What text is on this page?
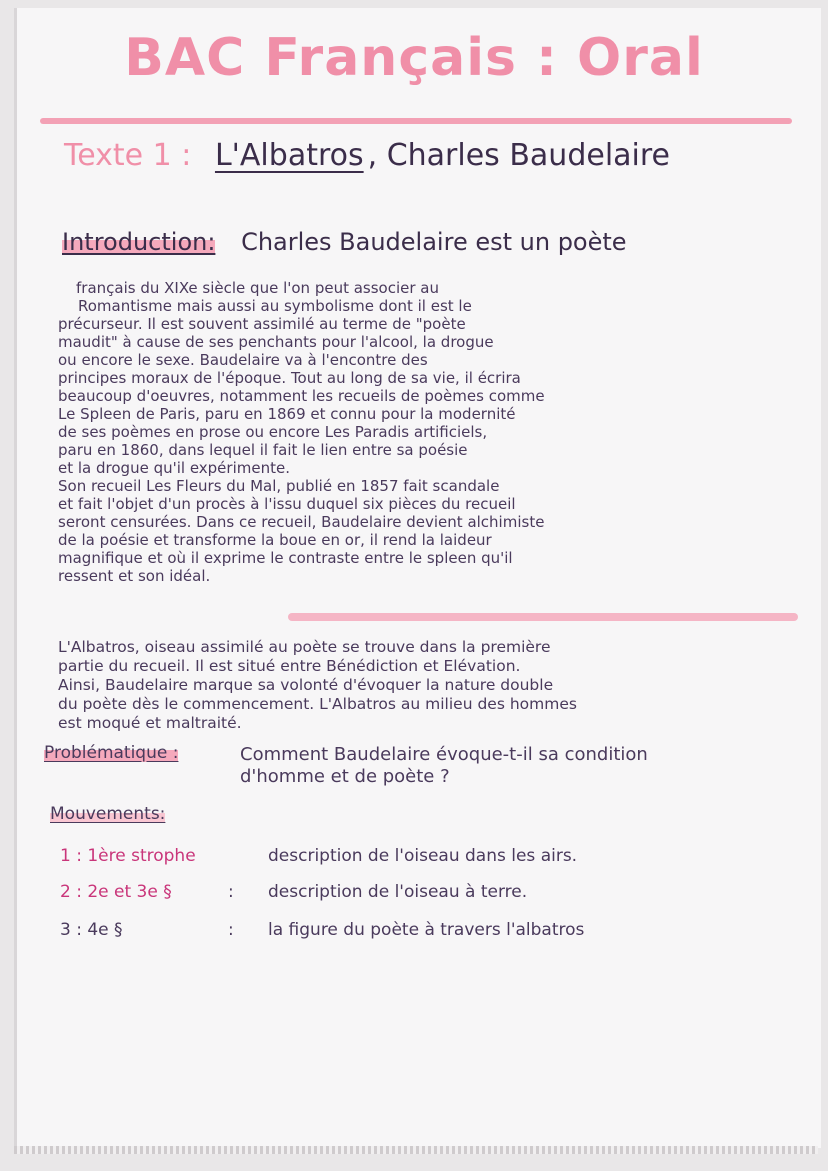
BAC Français : Oral
Texte 1 : L'Albatros , Charles Baudelaire
Introduction: Charles Baudelaire est un poète
français du XIXe siècle que l'on peut associer au
Romantisme mais aussi au symbolisme dont il est le
précurseur. Il est souvent assimilé au terme de "poète
maudit" à cause de ses penchants pour l'alcool, la drogue
ou encore le sexe. Baudelaire va à l'encontre des
principes moraux de l'époque. Tout au long de sa vie, il écrira
beaucoup d'oeuvres, notamment les recueils de poèmes comme
Le Spleen de Paris, paru en 1869 et connu pour la modernité
de ses poèmes en prose ou encore Les Paradis artificiels,
paru en 1860, dans lequel il fait le lien entre sa poésie
et la drogue qu'il expérimente.
Son recueil Les Fleurs du Mal, publié en 1857 fait scandale
et fait l'objet d'un procès à l'issu duquel six pièces du recueil
seront censurées. Dans ce recueil, Baudelaire devient alchimiste
de la poésie et transforme la boue en or, il rend la laideur
magnifique et où il exprime le contraste entre le spleen qu'il
ressent et son idéal.
L'Albatros, oiseau assimilé au poète se trouve dans la première
partie du recueil. Il est situé entre Bénédiction et Elévation.
Ainsi, Baudelaire marque sa volonté d'évoquer la nature double
du poète dès le commencement. L'Albatros au milieu des hommes
est moqué et maltraité.
Problématique :	Comment Baudelaire évoque-t-il sa condition d'homme et de poète ?
Mouvements:
1 : 1ère strophe	description de l'oiseau dans les airs.
2 : 2e et 3e §	: description de l'oiseau à terre.
3 : 4e §	: la figure du poète à travers l'albatros
